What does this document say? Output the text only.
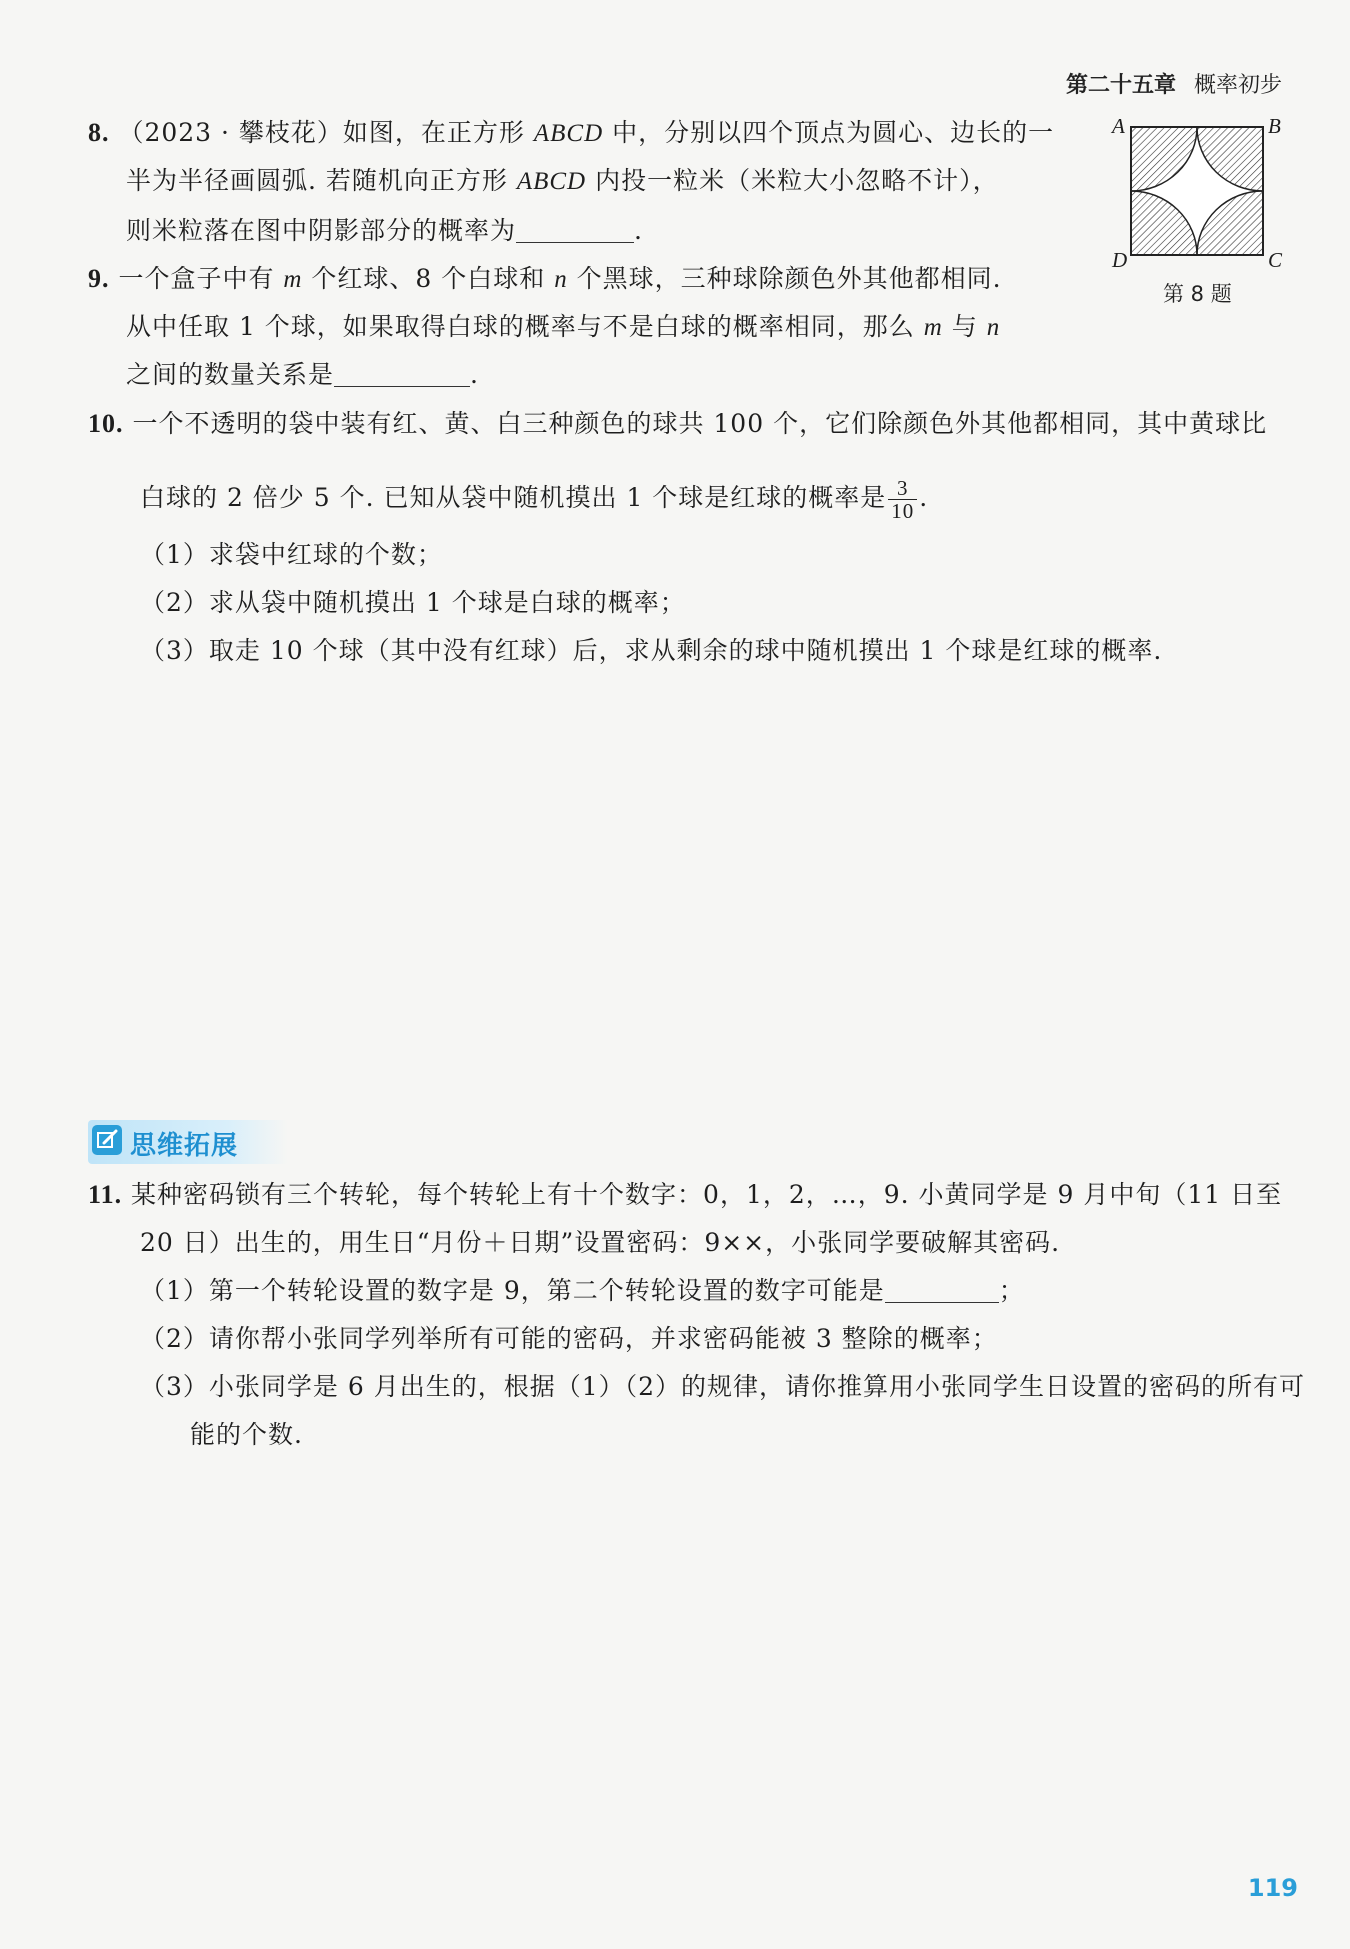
第二十五章 概率初步
8. （2023 · 攀枝花）如图，在正方形 ABCD 中，分别以四个顶点为圆心、边长的一
半为半径画圆弧. 若随机向正方形 ABCD 内投一粒米（米粒大小忽略不计），
则米粒落在图中阴影部分的概率为	.
A	B
C
D
第 8 题
9. 一个盒子中有 m 个红球、8 个白球和 n 个黑球，三种球除颜色外其他都相同.
从中任取 1 个球，如果取得白球的概率与不是白球的概率相同，那么 m 与 n
之间的数量关系是	.
10. 一个不透明的袋中装有红、黄、白三种颜色的球共 100 个，它们除颜色外其他都相同，其中黄球比
白球的 2 倍少 5 个. 已知从袋中随机摸出 1 个球是红球的概率是 $\frac{3}{10}$ .
（1）求袋中红球的个数；
（2）求从袋中随机摸出 1 个球是白球的概率；
（3）取走 10 个球（其中没有红球）后，求从剩余的球中随机摸出 1 个球是红球的概率.
思维拓展
11. 某种密码锁有三个转轮，每个转轮上有十个数字：0，1，2，…，9. 小黄同学是 9 月中旬（11 日至
20 日）出生的，用生日“月份＋日期”设置密码：9××，小张同学要破解其密码.
（1）第一个转轮设置的数字是 9，第二个转轮设置的数字可能是	；
（2）请你帮小张同学列举所有可能的密码，并求密码能被 3 整除的概率；
（3）小张同学是 6 月出生的，根据（1）（2）的规律，请你推算用小张同学生日设置的密码的所有可
能的个数.
119
